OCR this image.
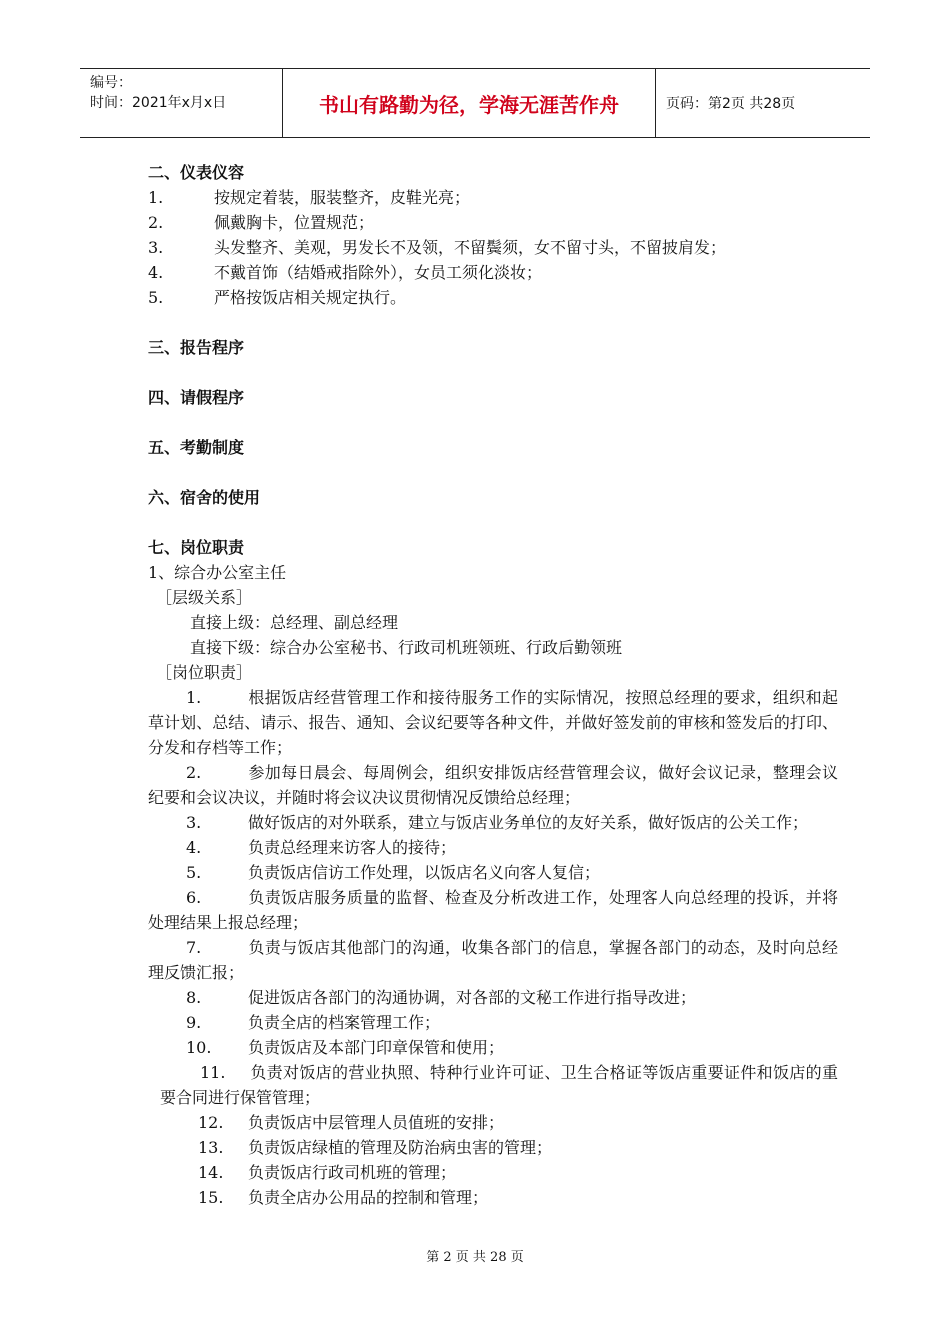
编号：
时间：2021年x月x日	书山有路勤为径，学海无涯苦作舟	页码：第2页 共28页
二、仪表仪容
1.	按规定着装，服装整齐，皮鞋光亮；
2.	佩戴胸卡，位置规范；
3.	头发整齐、美观，男发长不及领，不留鬓须，女不留寸头，不留披肩发；
4.	不戴首饰（结婚戒指除外），女员工须化淡妆；
5.	严格按饭店相关规定执行。
三、报告程序
四、请假程序
五、考勤制度
六、宿舍的使用
七、岗位职责
1、综合办公室主任
［层级关系］
直接上级：总经理、副总经理
直接下级：综合办公室秘书、行政司机班领班、行政后勤领班
［岗位职责］
1.	根据饭店经营管理工作和接待服务工作的实际情况，按照总经理的要求，组织和起草计划、总结、请示、报告、通知、会议纪要等各种文件，并做好签发前的审核和签发后的打印、分发和存档等工作；
2.	参加每日晨会、每周例会，组织安排饭店经营管理会议，做好会议记录，整理会议纪要和会议决议，并随时将会议决议贯彻情况反馈给总经理；
3.	做好饭店的对外联系，建立与饭店业务单位的友好关系，做好饭店的公关工作；
4.	负责总经理来访客人的接待；
5.	负责饭店信访工作处理，以饭店名义向客人复信；
6.	负责饭店服务质量的监督、检查及分析改进工作，处理客人向总经理的投诉，并将处理结果上报总经理；
7.	负责与饭店其他部门的沟通，收集各部门的信息，掌握各部门的动态，及时向总经理反馈汇报；
8.	促进饭店各部门的沟通协调，对各部的文秘工作进行指导改进；
9.	负责全店的档案管理工作；
10. 负责饭店及本部门印章保管和使用；
11. 负责对饭店的营业执照、特种行业许可证、卫生合格证等饭店重要证件和饭店的重要合同进行保管管理；
12. 负责饭店中层管理人员值班的安排；
13. 负责饭店绿植的管理及防治病虫害的管理；
14. 负责饭店行政司机班的管理；
15. 负责全店办公用品的控制和管理；
第 2 页 共 28 页
